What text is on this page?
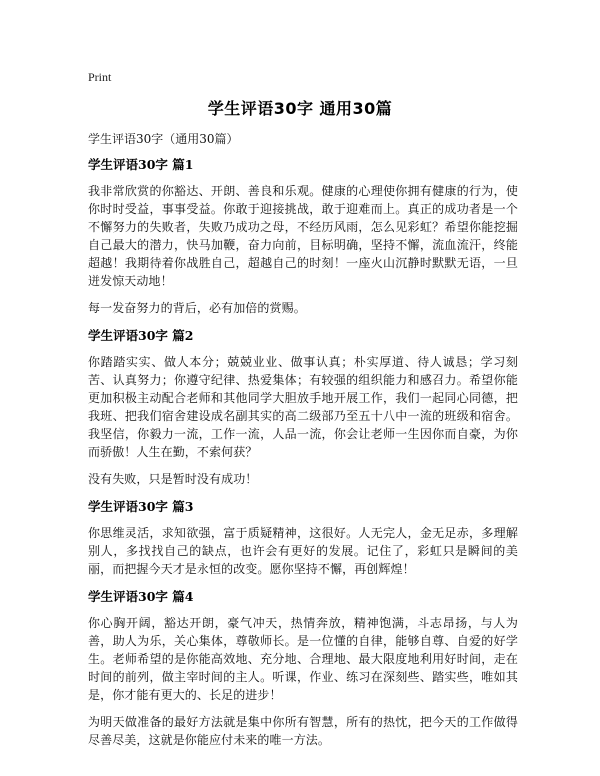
Print
学生评语30字 通用30篇
学生评语30字（通用30篇）
学生评语30字 篇1

我非常欣赏的你豁达、开朗、善良和乐观。健康的心理使你拥有健康的行为，使你时时受益，事事受益。你敢于迎接挑战，敢于迎难而上。真正的成功者是一个不懈努力的失败者，失败乃成功之母，不经历风雨，怎么见彩虹？希望你能挖掘自己最大的潜力，快马加鞭，奋力向前，目标明确，坚持不懈，流血流汗，终能超越！我期待着你战胜自己，超越自己的时刻！一座火山沉静时默默无语，一旦迸发惊天动地！

每一发奋努力的背后，必有加倍的赏赐。

学生评语30字 篇2

你踏踏实实、做人本分；兢兢业业、做事认真；朴实厚道、待人诚恳；学习刻苦、认真努力；你遵守纪律、热爱集体；有较强的组织能力和感召力。希望你能更加积极主动配合老师和其他同学大胆放手地开展工作，我们一起同心同德，把我班、把我们宿舍建设成名副其实的高二级部乃至五十八中一流的班级和宿舍。我坚信，你毅力一流，工作一流，人品一流，你会让老师一生因你而自豪，为你而骄傲！人生在勤，不索何获？

没有失败，只是暂时没有成功！

学生评语30字 篇3

你思维灵活，求知欲强，富于质疑精神，这很好。人无完人，金无足赤，多理解别人，多找找自己的缺点，也许会有更好的发展。记住了，彩虹只是瞬间的美丽，而把握今天才是永恒的改变。愿你坚持不懈，再创辉煌！

学生评语30字 篇4

你心胸开阔，豁达开朗，豪气冲天，热情奔放，精神饱满，斗志昂扬，与人为善，助人为乐，关心集体，尊敬师长。是一位懂的自律，能够自尊、自爱的好学生。老师希望的是你能高效地、充分地、合理地、最大限度地利用好时间，走在时间的前列，做主宰时间的主人。听课，作业、练习在深刻些、踏实些，唯如其是，你才能有更大的、长足的进步！

为明天做准备的最好方法就是集中你所有智慧，所有的热忱，把今天的工作做得尽善尽美，这就是你能应付未来的唯一方法。
